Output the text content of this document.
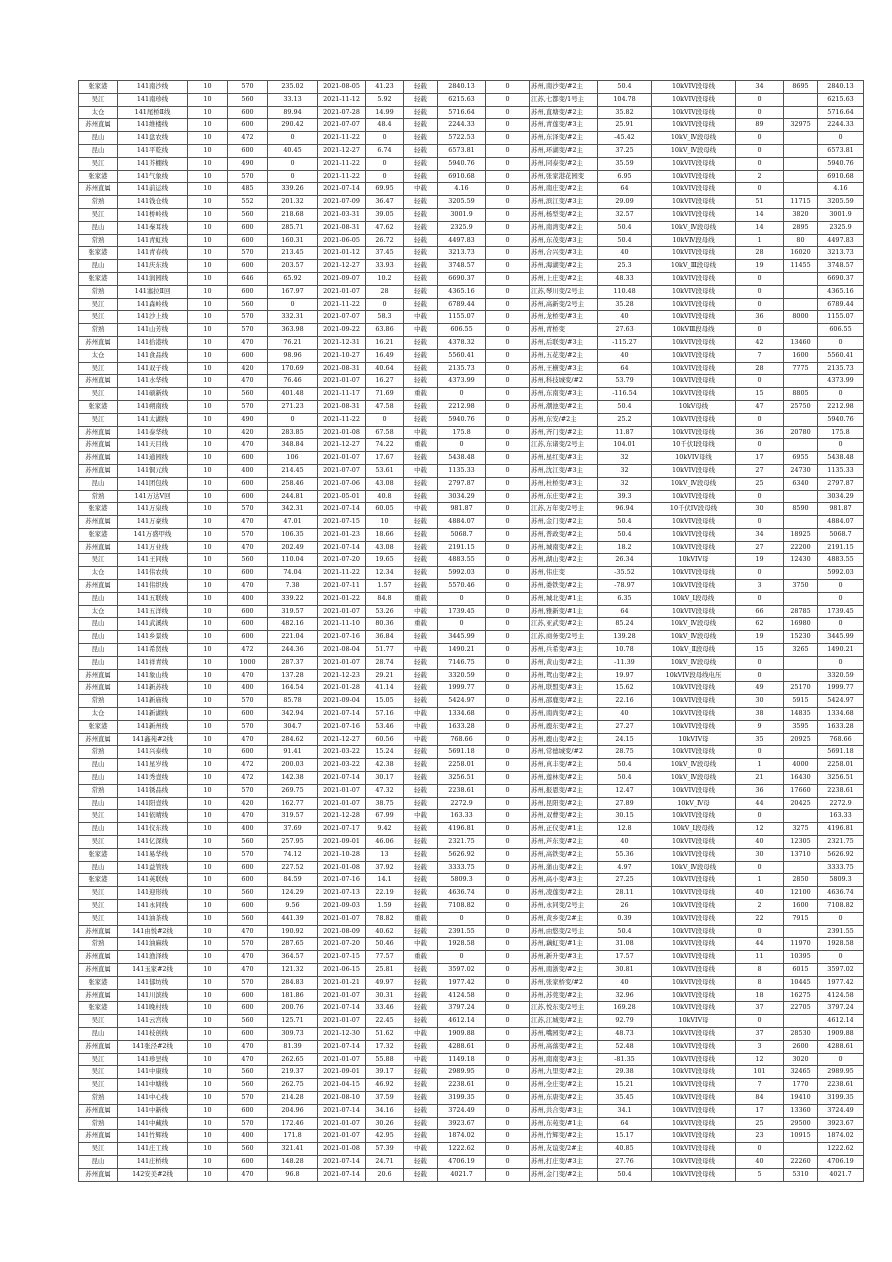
张家港	141南沙线	10	570	235.02	2021-08-05	41.23	轻载	2840.13	0	苏州,南沙变/#2主	50.4	10kVIV段母线	34	8695	2840.13
吴江	141南珍线	10	560	33.13	2021-11-12	5.92	轻载	6215.63	0	江苏,七都变/1号主	104.78	10kVIV段母线	0		6215.63
太仓	141尾桥Ⅱ线	10	600	89.94	2021-07-28	14.99	轻载	5716.64	0	苏州,直塘变/#2主	35.82	10kVIV段母线	0		5716.64
苏州直属	141维楼线	10	600	290.42	2021-07-07	48.4	轻载	2244.33	0	苏州,青莲变/#3主	25.91	10kVIV段母线	89	32975	2244.33
昆山	141盘农线	10	472	0	2021-11-22	0	轻载	5722.53	0	苏州,东泽变/#2主	-45.42	10kV_Ⅳ段母线	0		0
昆山	141平乾线	10	600	40.45	2021-12-27	6.74	轻载	6573.81	0	苏州,环湖变/#2主	37.25	10kV_Ⅳ段母线	0		6573.81
吴江	141芥棚线	10	490	0	2021-11-22	0	轻载	5940.76	0	苏州,同泰变/#2主	35.59	10kVIV段母线	0		5940.76
张家港	141气象线	10	570	0	2021-11-22	0	轻载	6910.68	0	苏州,张家港花园变	6.95	10kVIV段母线	2		6910.68
苏州直属	141前运线	10	485	339.26	2021-07-14	69.95	中载	4.16	0	苏州,南庄变/#2主	64	10kVIV段母线	0		4.16
常熟	141钱仓线	10	552	201.32	2021-07-09	36.47	轻载	3205.59	0	苏州,滨江变/#3主	29.09	10kVIV段母线	51	11715	3205.59
吴江	141桥岭线	10	560	218.68	2021-03-31	39.05	轻载	3001.9	0	苏州,杨型变/#2主	32.57	10kVIV段母线	14	3820	3001.9
昆山	141秦耳线	10	600	285.71	2021-08-31	47.62	轻载	2325.9	0	苏州,南湾变/#2主	50.4	10kV_Ⅳ段母线	14	2895	2325.9
常熟	141青虹线	10	600	160.31	2021-06-05	26.72	轻载	4497.83	0	苏州,东茂变/#3主	50.4	10kVⅣ段母线	1	80	4497.83
张家港	141青春线	10	570	213.45	2021-01-12	37.45	轻载	3213.73	0	苏州,合兴变/#3主	40	10kVIV段母线	28	16020	3213.73
昆山	141庆东线	10	600	203.57	2021-12-27	33.93	轻载	3748.57	0	苏州,海湖变/#2主	25.3	10kV_Ⅲ段母线	19	11455	3748.57
张家港	141润园线	10	646	65.92	2021-09-07	10.2	轻载	6690.37	0	苏州,上庄变/#2主	48.33	10kVIV段母线	0		6690.37
常熟	141塞拉Ⅱ回	10	600	167.97	2021-01-07	28	轻载	4365.16	0	江苏,琴川变/2号主	110.48	10kVIV段母线	0		4365.16
吴江	141森岭线	10	560	0	2021-11-22	0	轻载	6789.44	0	苏州,高新变/2号主	35.28	10kVIV段母线	0		6789.44
吴江	141沙上线	10	570	332.31	2021-07-07	58.3	中载	1155.07	0	苏州,龙桥变/#3主	40	10kVIV段母线	36	8000	1155.07
常熟	141山芳线	10	570	363.98	2021-09-22	63.86	中载	606.55	0	苏州,青桥变	27.63	10kVⅢ段母线	0		606.55
苏州直属	141拾港线	10	470	76.21	2021-12-31	16.21	轻载	4378.32	0	苏州,后联变/#3主	-115.27	10kVIV段母线	42	13460	0
太仓	141食品线	10	600	98.96	2021-10-27	16.49	轻载	5560.41	0	苏州,五花变/#2主	40	10kVIV段母线	7	1600	5560.41
吴江	141双子线	10	420	170.69	2021-08-31	40.64	轻载	2135.73	0	苏州,王横变/#3主	64	10kVIV段母线	28	7775	2135.73
苏州直属	141水华线	10	470	76.46	2021-01-07	16.27	轻载	4373.99	0	苏州,科技城变/#2	53.79	10kVIV段母线	0		4373.99
吴江	141硕新线	10	560	401.48	2021-11-17	71.69	重载	0	0	苏州,东南变/#3主	-116.54	10kVIV段母线	15	8805	0
张家港	141朔南线	10	570	271.23	2021-08-31	47.58	轻载	2212.98	0	苏州,潮池变/#2主	50.4	10kV母线	47	25750	2212.98
吴江	141太湖线	10	490	0	2021-11-22	0	轻载	5940.76	0	苏州,东安/#2主	25.2	10kVIV段母线	0		5940.76
苏州直属	141泰华线	10	420	283.85	2021-01-08	67.58	中载	175.8	0	苏州,齐门变/#2主	11.87	10kVIV段母线	36	20780	175.8
苏州直属	141天目线	10	470	348.84	2021-12-27	74.22	重载	0	0	江苏,东诸变/2号主	104.01	10千伏Ⅰ段母线	0		0
苏州直属	141通园线	10	600	106	2021-01-07	17.67	轻载	5438.48	0	苏州,星红变/#3主	32	10kVIV母线	17	6955	5438.48
苏州直属	141铜元线	10	400	214.45	2021-07-07	53.61	中载	1135.33	0	苏州,沈江变/#3主	32	10kVIV段母线	27	24730	1135.33
昆山	141团包线	10	600	258.46	2021-07-06	43.08	轻载	2797.87	0	苏州,杜桥变/#3主	32	10kV_Ⅳ段母线	25	6340	2797.87
常熟	141万达Ⅴ回	10	600	244.81	2021-05-01	40.8	轻载	3034.29	0	苏州,东庄变/#2主	39.3	10kVIV段母线	0		3034.29
张家港	141万泉线	10	570	342.31	2021-07-14	60.05	中载	981.87	0	江苏,万年变/2号主	96.94	10千伏IV段母线	30	8590	981.87
苏州直属	141万豪线	10	470	47.01	2021-07-15	10	轻载	4884.07	0	苏州,金门变/#2主	50.4	10kVIV段母线	0		4884.07
张家港	141万盛甲线	10	570	106.35	2021-01-23	18.66	轻载	5068.7	0	苏州,普政变/#2主	50.4	10kVIV段母线	34	18925	5068.7
苏州直属	141万业线	10	470	202.49	2021-07-14	43.08	轻载	2191.15	0	苏州,城南变/#2主	18.2	10kVIV段母线	27	22200	2191.15
吴江	141王同线	10	560	110.04	2021-07-20	19.65	轻载	4883.55	0	苏州,湖山变/#2主	26.34	10kVIV母	19	12430	4883.55
太仓	141伟农线	10	600	74.04	2021-11-22	12.34	轻载	5992.03	0	苏州,伟庄变	-35.52	10kVIV段母线	0		5992.03
苏州直属	141伟织线	10	470	7.38	2021-07-11	1.57	轻载	5570.46	0	苏州,娄铁变/#2主	-78.97	10kVIV段母线	3	3750	0
昆山	141五联线	10	400	339.22	2021-01-22	84.8	重载	0	0	苏州,城北变/#1主	6.35	10kV_Ⅰ段母线	0		0
太仓	141五洋线	10	600	319.57	2021-01-07	53.26	中载	1739.45	0	苏州,雅新变/#1主	64	10kVIV段母线	66	28785	1739.45
昆山	141武溪线	10	600	482.16	2021-11-10	80.36	重载	0	0	江苏,亚武变/#2主	85.24	10kV_Ⅳ段母线	62	16980	0
昆山	141乡景线	10	600	221.04	2021-07-16	36.84	轻载	3445.99	0	江苏,商务变/2号主	139.28	10kV_Ⅳ段母线	19	15230	3445.99
昆山	141希贤线	10	472	244.36	2021-08-04	51.77	中载	1490.21	0	苏州,兵希变/#3主	10.78	10kV_Ⅱ段母线	15	3265	1490.21
昆山	141祥青线	10	1000	287.37	2021-01-07	28.74	轻载	7146.75	0	苏州,黄山变/#2主	-11.39	10kV_Ⅳ段母线	0		0
苏州直属	141象山线	10	470	137.28	2021-12-23	29.21	轻载	3320.59	0	苏州,鸳山变/#2主	19.97	10kVIV段母线电压	0		3320.59
苏州直属	141新苏线	10	400	164.54	2021-01-28	41.14	轻载	1999.77	0	苏州,联盟变/#3主	15.62	10kVIV段母线	49	25170	1999.77
常熟	141新庙线	10	570	85.78	2021-09-04	15.05	轻载	5424.97	0	苏州,邵鹿变/#2主	22.16	10kVIV段母线	30	5915	5424.97
太仓	141新湖线	10	600	342.94	2021-07-14	57.16	中载	1334.68	0	苏州,南尚变/#2主	40	10kVIV段母线	38	14835	1334.68
张家港	141新州线	10	570	304.7	2021-07-16	53.46	中载	1633.28	0	苏州,鹿东变/#2主	27.27	10kVIV段母线	9	3595	1633.28
苏州直属	141鑫苑#2线	10	470	284.62	2021-12-27	60.56	中载	768.66	0	苏州,鹿山变/#2主	24.15	10kVIV母	35	20925	768.66
常熟	141兴泰线	10	600	91.41	2021-03-22	15.24	轻载	5691.18	0	苏州,常德城变/#2	28.75	10kVIV段母线	0		5691.18
昆山	141星岁线	10	472	200.03	2021-03-22	42.38	轻载	2258.01	0	苏州,真丰变/#2主	50.4	10kV_Ⅳ段母线	1	4000	2258.01
昆山	141秀壹线	10	472	142.38	2021-07-14	30.17	轻载	3256.51	0	苏州,莲林变/#2主	50.4	10kV_Ⅳ段母线	21	16430	3256.51
常熟	141锈品线	10	570	269.75	2021-01-07	47.32	轻载	2238.61	0	苏州,报恩变/#2主	12.47	10kVIV段母线	36	17660	2238.61
昆山	141阳壹线	10	420	162.77	2021-01-07	38.75	轻载	2272.9	0	苏州,昆阳变/#2主	27.89	10kV_Ⅳ母	44	20425	2272.9
吴江	141依晴线	10	470	319.57	2021-12-28	67.99	中载	163.33	0	苏州,双曹变/#2主	30.15	10kVIV段母线	0		163.33
昆山	141仪东线	10	400	37.69	2021-07-17	9.42	轻载	4196.81	0	苏州,正仪变/#1主	12.8	10kV_Ⅰ段母线	12	3275	4196.81
吴江	141亿深线	10	560	257.95	2021-09-01	46.06	轻载	2321.75	0	苏州,芦东变/#2主	40	10kVIV段母线	40	12305	2321.75
张家港	141易华线	10	570	74.12	2021-10-28	13	轻载	5626.92	0	苏州,高铁变/#2主	55.36	10kVIV段母线	30	13710	5626.92
昆山	141益管线	10	600	227.52	2021-01-08	37.92	轻载	3333.75	0	苏州,蒲山变/#2主	4.97	10kV_Ⅳ段母线	0		3333.75
张家港	141英联线	10	600	84.59	2021-07-16	14.1	轻载	5809.3	0	苏州,高小变/#3主	27.25	10kVIV段母线	1	2850	5809.3
吴江	141迎形线	10	560	124.29	2021-07-13	22.19	轻载	4636.74	0	苏州,凌莲变/#2主	28.11	10kVIV段母线	40	12100	4636.74
吴江	141永同线	10	600	9.56	2021-09-03	1.59	轻载	7108.82	0	苏州,永同变/2号主	26	10kVIV段母线	2	1600	7108.82
吴江	141油茶线	10	560	441.39	2021-01-07	78.82	重载	0	0	苏州,黄乡变/2#主	0.39	10kVIV段母线	22	7915	0
苏州直属	141由悦#2线	10	470	190.92	2021-08-09	40.62	轻载	2391.55	0	苏州,由悠变/2号主	50.4	10kVIV段母线	0		2391.55
常熟	141油麻线	10	570	287.65	2021-07-20	50.46	中载	1928.58	0	苏州,藕虹变/#1主	31.08	10kVIV段母线	44	11970	1928.58
苏州直属	141渔泽线	10	470	364.57	2021-07-15	77.57	重载	0	0	苏州,新升变/#3主	17.57	10kVIV段母线	11	10395	0
苏州直属	141玉家#2线	10	470	121.32	2021-06-15	25.81	轻载	3597.02	0	苏州,南浙变/#2主	30.81	10kVIV段母线	8	6015	3597.02
张家港	141郁坊线	10	570	284.83	2021-01-21	49.97	轻载	1977.42	0	苏州,张家桥变/#2	40	10kVIV段母线	8	10445	1977.42
苏州直属	141川滨线	10	600	181.86	2021-01-07	30.31	轻载	4124.58	0	苏州,苏莞变/#2主	32.96	10kVIV段母线	18	16275	4124.58
张家港	141晚村线	10	600	200.76	2021-07-14	33.46	轻载	3797.24	0	江苏,悦东变/2号主	169.28	10kVIV段母线	37	22705	3797.24
吴江	141云宫线	10	560	125.71	2021-01-07	22.45	轻载	4612.14	0	江苏,江城变/#2主	92.79	10kVIV母	0		4612.14
昆山	141枝创线	10	600	309.73	2021-12-30	51.62	中载	1909.88	0	苏州,嘴园变/#2主	48.73	10kVIV段母线	37	28530	1909.88
苏州直属	141张泾#2线	10	470	81.39	2021-07-14	17.32	轻载	4288.61	0	苏州,高落变/#2主	52.48	10kVIV段母线	3	2600	4288.61
吴江	141珍昙线	10	470	262.65	2021-01-07	55.88	中载	1149.18	0	苏州,南南变/#3主	-81.35	10kVIV段母线	12	3020	0
吴江	141中康线	10	560	219.37	2021-09-01	39.17	轻载	2989.95	0	苏州,九里变/#2主	29.38	10kVIV段母线	101	32465	2989.95
吴江	141中塘线	10	560	262.75	2021-04-15	46.92	轻载	2238.61	0	苏州,全庄变/#2主	15.21	10kVIV段母线	7	1770	2238.61
常熟	141中心线	10	570	214.28	2021-08-10	37.59	轻载	3199.35	0	苏州,东唐变/#2主	35.45	10kVIV段母线	84	19410	3199.35
苏州直属	141中新线	10	600	204.96	2021-07-14	34.16	轻载	3724.49	0	苏州,共合变/#3主	34.1	10kVIV段母线	17	13360	3724.49
常熟	141中藏线	10	570	172.46	2021-01-07	30.26	轻载	3923.67	0	苏州,东苑变/#1主	64	10kVIV段母线	25	29500	3923.67
苏州直属	141竹辉线	10	400	171.8	2021-01-07	42.95	轻载	1874.02	0	苏州,竹辉变/#2主	15.17	10kVIV段母线	23	10915	1874.02
吴江	141庄工线	10	560	321.41	2021-01-08	57.39	中载	1222.62	0	苏州,友谊变/2#主	40.85	10kVIV段母线	0		1222.62
昆山	141庄桥线	10	600	148.28	2021-07-14	24.71	轻载	4706.19	0	苏州,打庄变/#3主	27.76	10kVIV段母线	40	22260	4706.19
苏州直属	142安美#2线	10	470	96.8	2021-07-14	20.6	轻载	4021.7	0	苏州,金门变/#2主	50.4	10kVIV段母线	5	5310	4021.7
